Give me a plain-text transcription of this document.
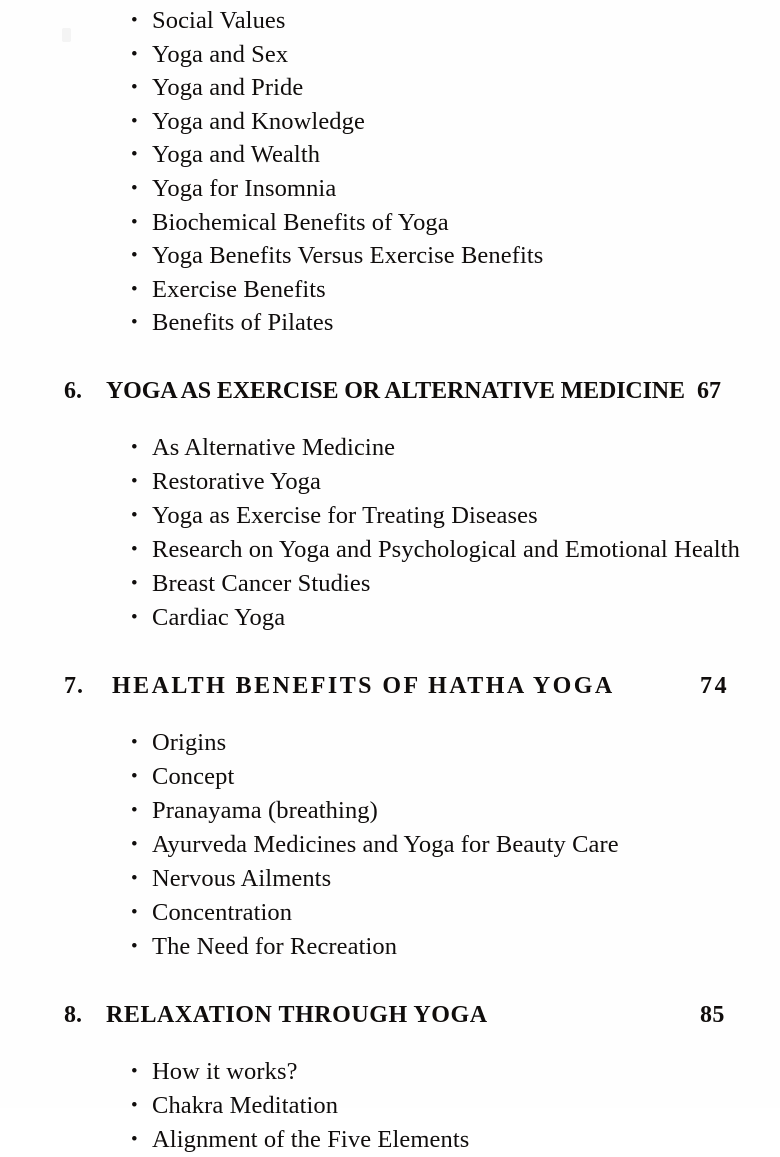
• Social Values
• Yoga and Sex
• Yoga and Pride
• Yoga and Knowledge
• Yoga and Wealth
• Yoga for Insomnia
• Biochemical Benefits of Yoga
• Yoga Benefits Versus Exercise Benefits
• Exercise Benefits
• Benefits of Pilates
6. YOGA AS EXERCISE OR ALTERNATIVE MEDICINE 67
• As Alternative Medicine
• Restorative Yoga
• Yoga as Exercise for Treating Diseases
• Research on Yoga and Psychological and Emotional Health
• Breast Cancer Studies
• Cardiac Yoga
7. HEALTH BENEFITS OF HATHA YOGA	74
• Origins
• Concept
• Pranayama (breathing)
• Ayurveda Medicines and Yoga for Beauty Care
• Nervous Ailments
• Concentration
• The Need for Recreation
8. RELAXATION THROUGH YOGA	85
• How it works?
• Chakra Meditation
• Alignment of the Five Elements
